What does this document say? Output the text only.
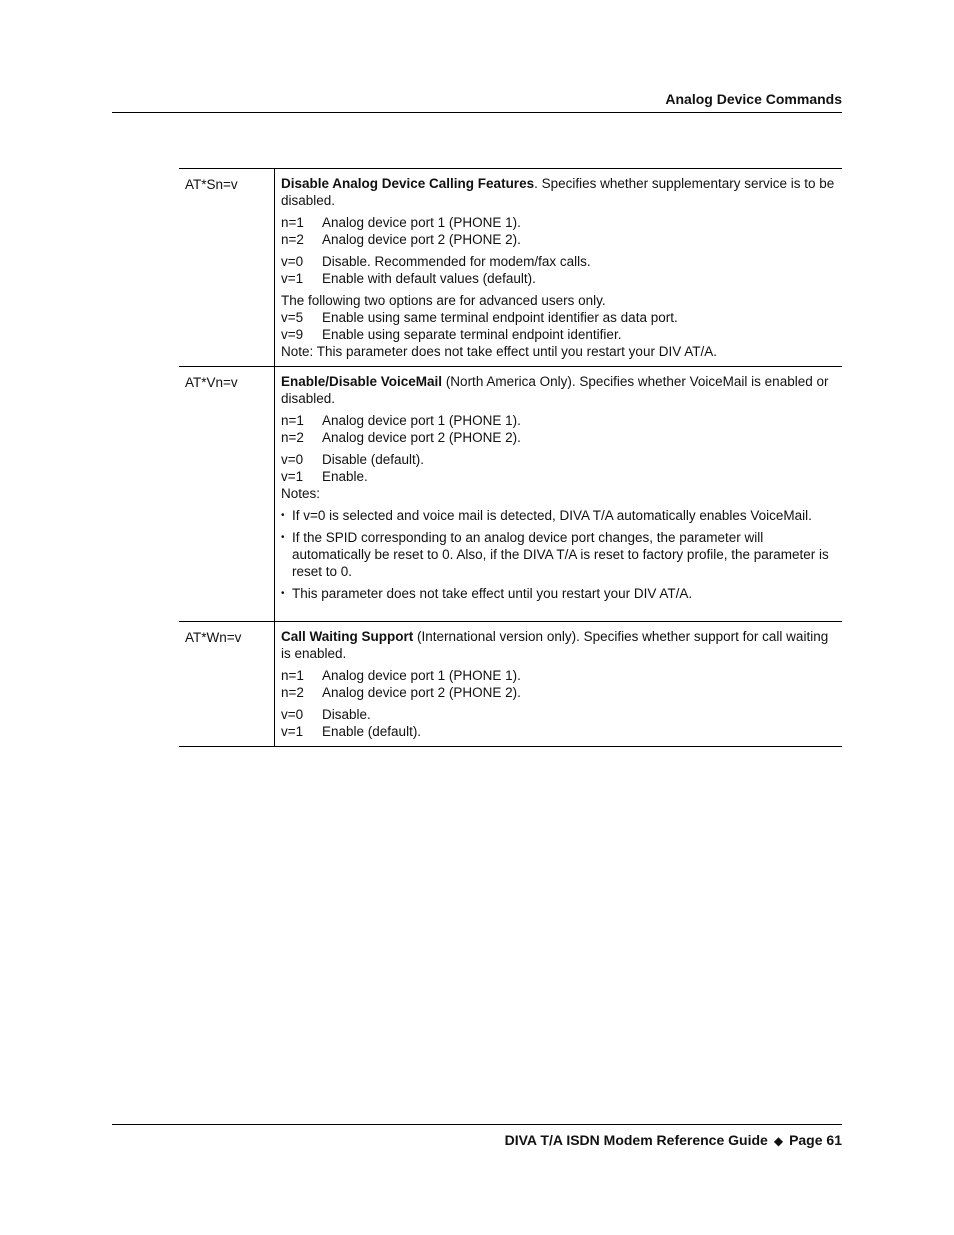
Analog Device Commands
AT*Sn=v	Disable Analog Device Calling Features. Specifies whether supplementary service is to be disabled.

n=1	Analog device port 1 (PHONE 1).
n=2	Analog device port 2 (PHONE 2).
v=0	Disable. Recommended for modem/fax calls.
v=1	Enable with default values (default).

The following two options are for advanced users only.

v=5	Enable using same terminal endpoint identifier as data port.
v=9	Enable using separate terminal endpoint identifier.

Note: This parameter does not take effect until you restart your DIV AT/A.

AT*Vn=v	Enable/Disable VoiceMail (North America Only). Specifies whether VoiceMail is enabled or disabled.

n=1	Analog device port 1 (PHONE 1).
n=2	Analog device port 2 (PHONE 2).
v=0	Disable (default).
v=1	Enable.

Notes:

• If v=0 is selected and voice mail is detected, DIVA T/A automatically enables VoiceMail.
• If the SPID corresponding to an analog device port changes, the parameter will automatically be reset to 0. Also, if the DIVA T/A is reset to factory profile, the parameter is reset to 0.
• This parameter does not take effect until you restart your DIV AT/A.
AT*Wn=v	Call Waiting Support (International version only). Specifies whether support for call waiting is enabled.

n=1	Analog device port 1 (PHONE 1).
n=2	Analog device port 2 (PHONE 2).
v=0	Disable.
v=1	Enable (default).
DIVA T/A ISDN Modem Reference Guide ◆ Page 61
